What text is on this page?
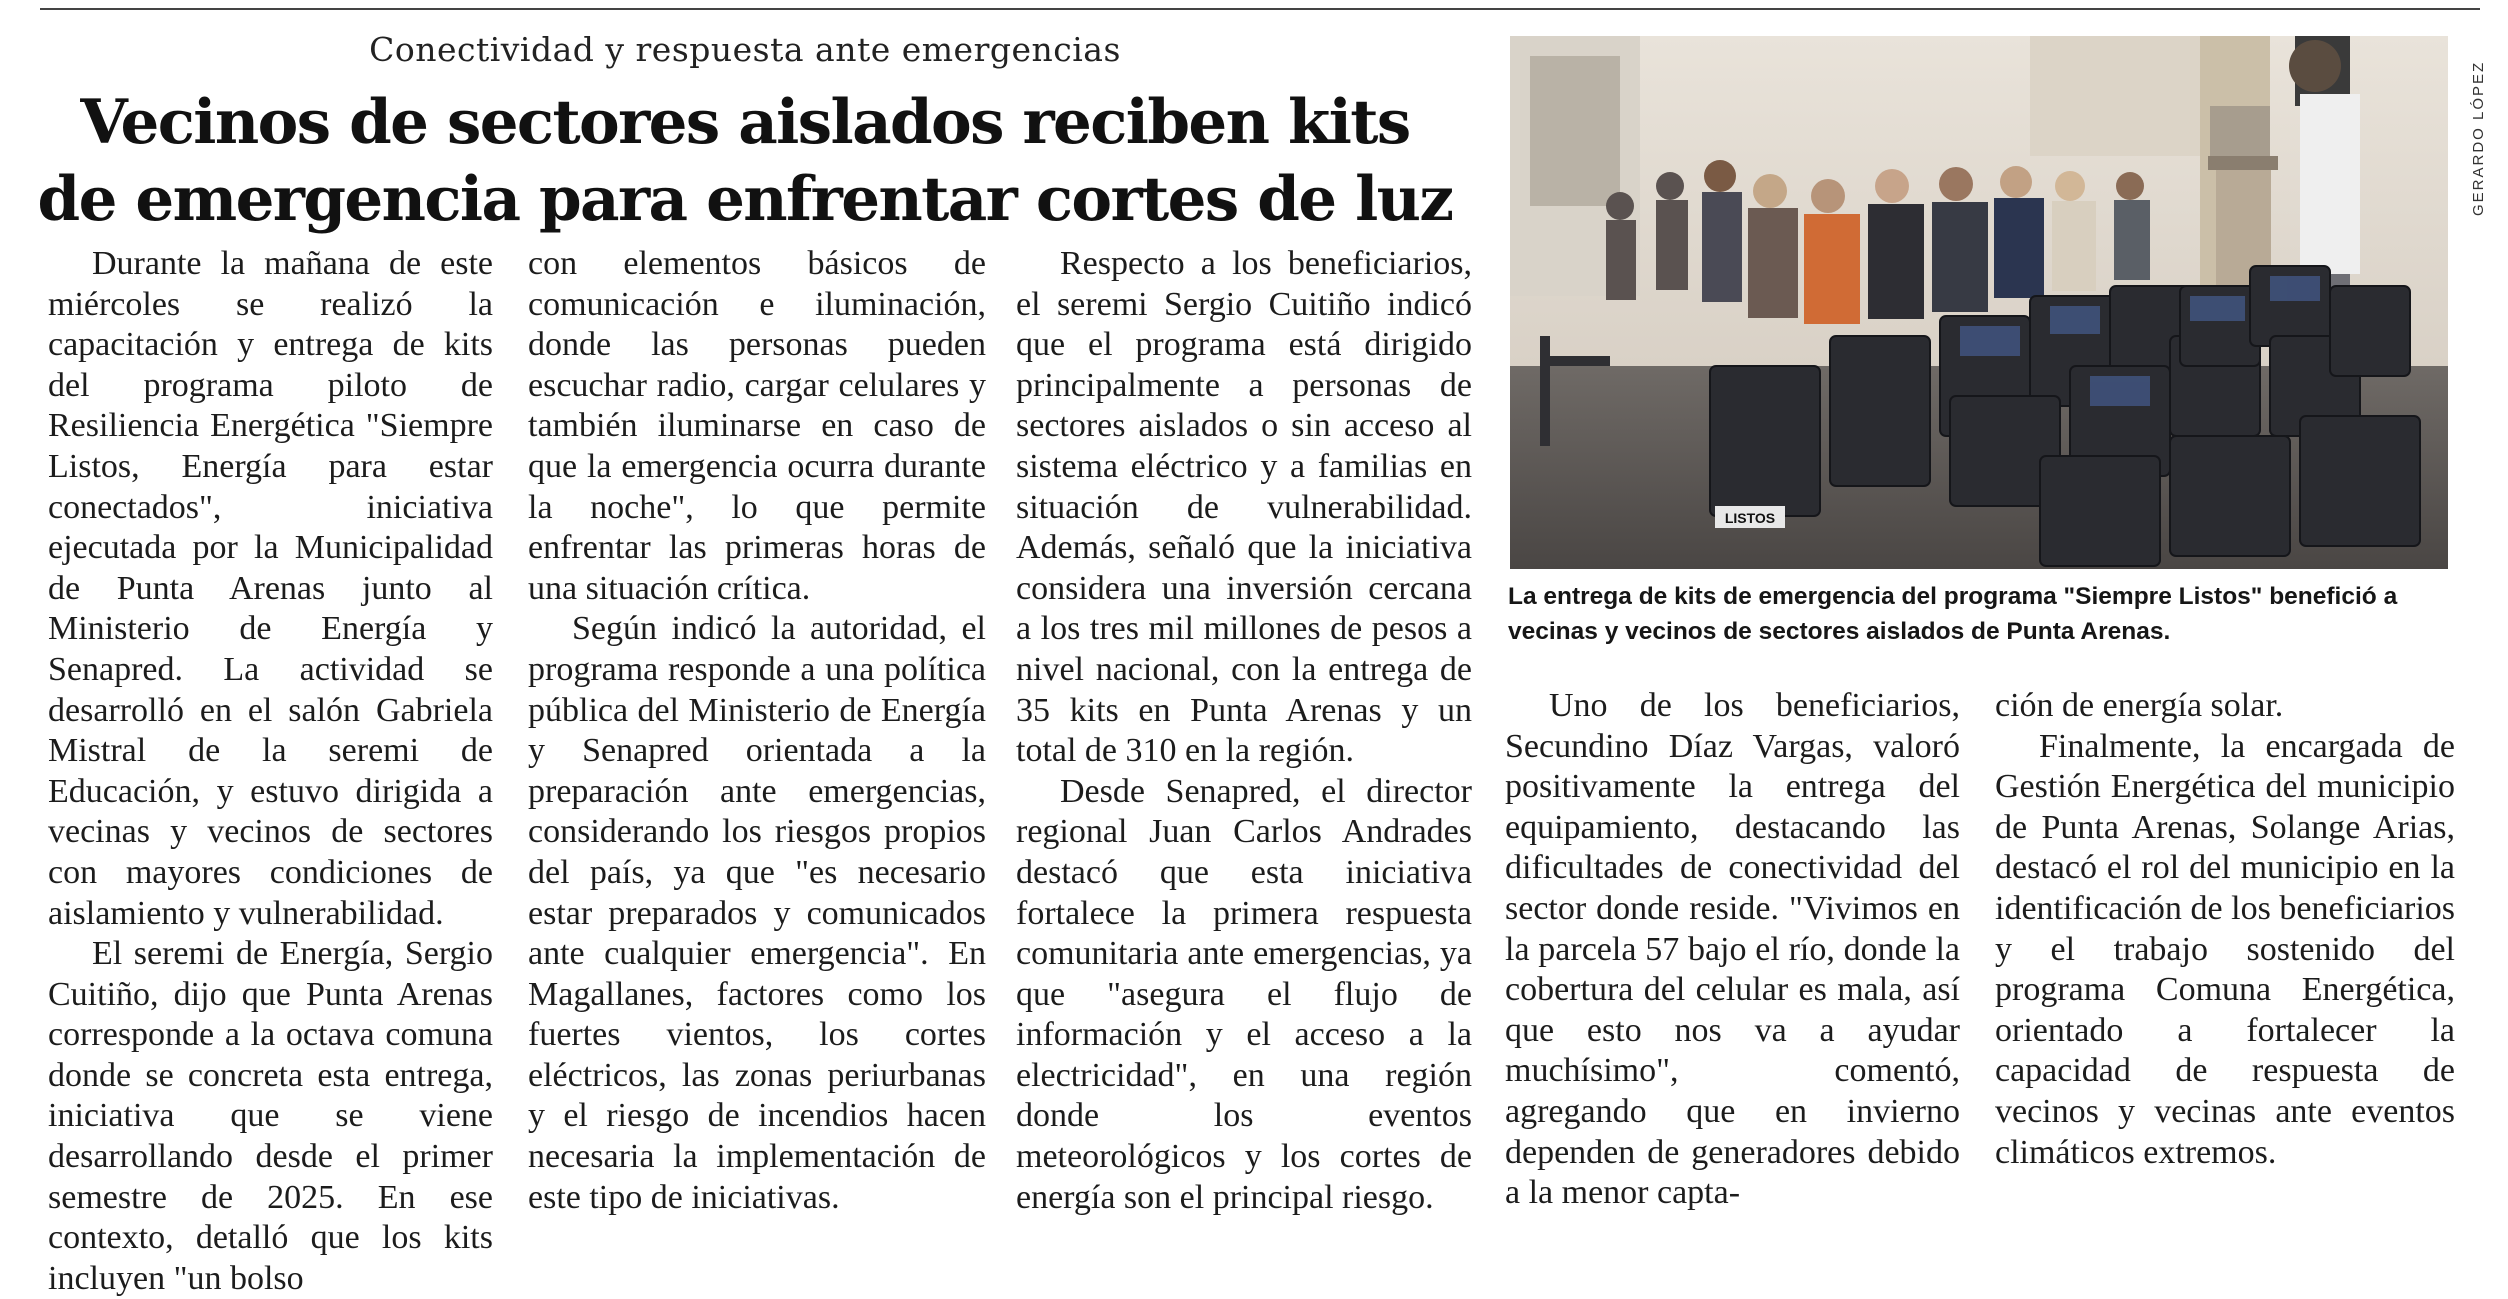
Conectividad y respuesta ante emergencias
Vecinos de sectores aislados reciben kits
de emergencia para enfrentar cortes de luz

Durante la mañana de este miércoles se realizó la capacitación y entrega de kits del programa piloto de Resiliencia Energética "Siempre Listos, Energía para estar conectados", iniciativa ejecutada por la Municipalidad de Punta Arenas junto al Ministerio de Energía y Senapred. La actividad se desarrolló en el salón Gabriela Mistral de la seremi de Educación, y estuvo dirigida a vecinas y vecinos de sectores con mayores condiciones de aislamiento y vulnerabilidad.

El seremi de Energía, Sergio Cuitiño, dijo que Punta Arenas corresponde a la octava comuna donde se concreta esta entrega, iniciativa que se viene desarrollando desde el primer semestre de 2025. En ese contexto, detalló que los kits incluyen "un bolso

con elementos básicos de comunicación e iluminación, donde las personas pueden escuchar radio, cargar celulares y también iluminarse en caso de que la emergencia ocurra durante la noche", lo que permite enfrentar las primeras horas de una situación crítica.

Según indicó la autoridad, el programa responde a una política pública del Ministerio de Energía y Senapred orientada a la preparación ante emergencias, considerando los riesgos propios del país, ya que "es necesario estar preparados y comunicados ante cualquier emergencia". En Magallanes, factores como los fuertes vientos, los cortes eléctricos, las zonas periurbanas y el riesgo de incendios hacen necesaria la implementación de este tipo de iniciativas.

Respecto a los beneficiarios, el seremi Sergio Cuitiño indicó que el programa está dirigido principalmente a personas de sectores aislados o sin acceso al sistema eléctrico y a familias en situación de vulnerabilidad. Además, señaló que la iniciativa considera una inversión cercana a los tres mil millones de pesos a nivel nacional, con la entrega de 35 kits en Punta Arenas y un total de 310 en la región.

Desde Senapred, el director regional Juan Carlos Andrades destacó que esta iniciativa fortalece la primera respuesta comunitaria ante emergencias, ya que "asegura el flujo de información y el acceso a la electricidad", en una región donde los eventos meteorológicos y los cortes de energía son el principal riesgo.

LISTOS
GERARDO LÓPEZ
La entrega de kits de emergencia del programa "Siempre Listos" benefició a vecinas y vecinos de sectores aislados de Punta Arenas.

Uno de los beneficiarios, Secundino Díaz Vargas, valoró positivamente la entrega del equipamiento, destacando las dificultades de conectividad del sector donde reside. "Vivimos en la parcela 57 bajo el río, donde la cobertura del celular es mala, así que esto nos va a ayudar muchísimo", comentó, agregando que en invierno dependen de generadores debido a la menor capta-

ción de energía solar.

Finalmente, la encargada de Gestión Energética del municipio de Punta Arenas, Solange Arias, destacó el rol del municipio en la identificación de los beneficiarios y el trabajo sostenido del programa Comuna Energética, orientado a fortalecer la capacidad de respuesta de vecinos y vecinas ante eventos climáticos extremos.
